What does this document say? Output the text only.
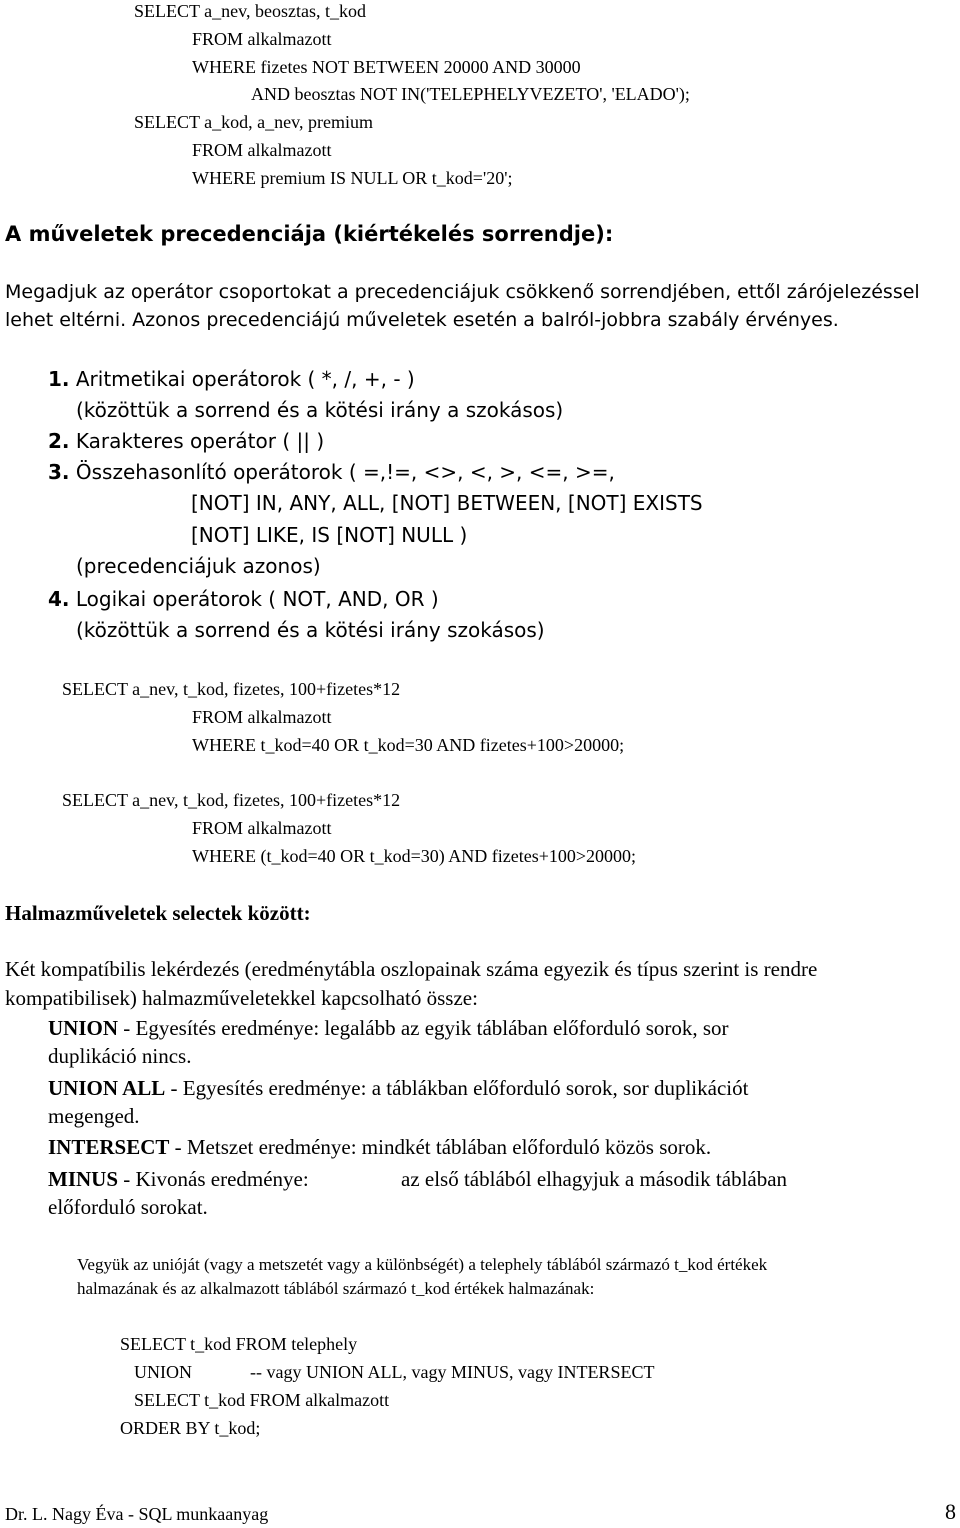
SELECT a_nev, beosztas, t_kod

FROM alkalmazott

WHERE fizetes NOT BETWEEN 20000 AND 30000

AND beosztas NOT IN('TELEPHELYVEZETO', 'ELADO');

SELECT a_kod, a_nev, premium

FROM alkalmazott

WHERE premium IS NULL OR t_kod='20';

A műveletek precedenciája (kiértékelés sorrendje):

Megadjuk az operátor csoportokat a precedenciájuk csökkenő sorrendjében, ettől zárójelezéssel

lehet eltérni. Azonos precedenciájú műveletek esetén a balról-jobbra szabály érvényes.

1. Aritmetikai operátorok ( *, /, +, - )

(közöttük a sorrend és a kötési irány a szokásos)

2. Karakteres operátor ( || )
3. Összehasonlító operátorok ( =,!=, <>, <, >, <=, >=,

[NOT] IN, ANY, ALL, [NOT] BETWEEN, [NOT] EXISTS

[NOT] LIKE, IS [NOT] NULL )

(precedenciájuk azonos)

4. Logikai operátorok ( NOT, AND, OR )

(közöttük a sorrend és a kötési irány szokásos)

SELECT a_nev, t_kod, fizetes, 100+fizetes*12

FROM alkalmazott

WHERE t_kod=40 OR t_kod=30 AND fizetes+100>20000;

SELECT a_nev, t_kod, fizetes, 100+fizetes*12

FROM alkalmazott

WHERE (t_kod=40 OR t_kod=30) AND fizetes+100>20000;

Halmazműveletek selectek között:

Két kompatíbilis lekérdezés (eredménytábla oszlopainak száma egyezik és típus szerint is rendre

kompatibilisek) halmazműveletekkel kapcsolható össze:

UNION - Egyesítés eredménye: legalább az egyik táblában előforduló sorok, sor

duplikáció nincs.

UNION ALL - Egyesítés eredménye: a táblákban előforduló sorok, sor duplikációt

megenged.

INTERSECT - Metszet eredménye: mindkét táblában előforduló közös sorok.
MINUS - Kivonás eredménye:	az első táblából elhagyjuk a második táblában

előforduló sorokat.

Vegyük az unióját (vagy a metszetét vagy a különbségét) a telephely táblából származó t_kod értékek

halmazának és az alkalmazott táblából származó t_kod értékek halmazának:

SELECT t_kod FROM telephely

UNION	-- vagy UNION ALL, vagy MINUS, vagy INTERSECT

SELECT t_kod FROM alkalmazott

ORDER BY t_kod;

Dr. L. Nagy Éva - SQL munkaanyag	8
